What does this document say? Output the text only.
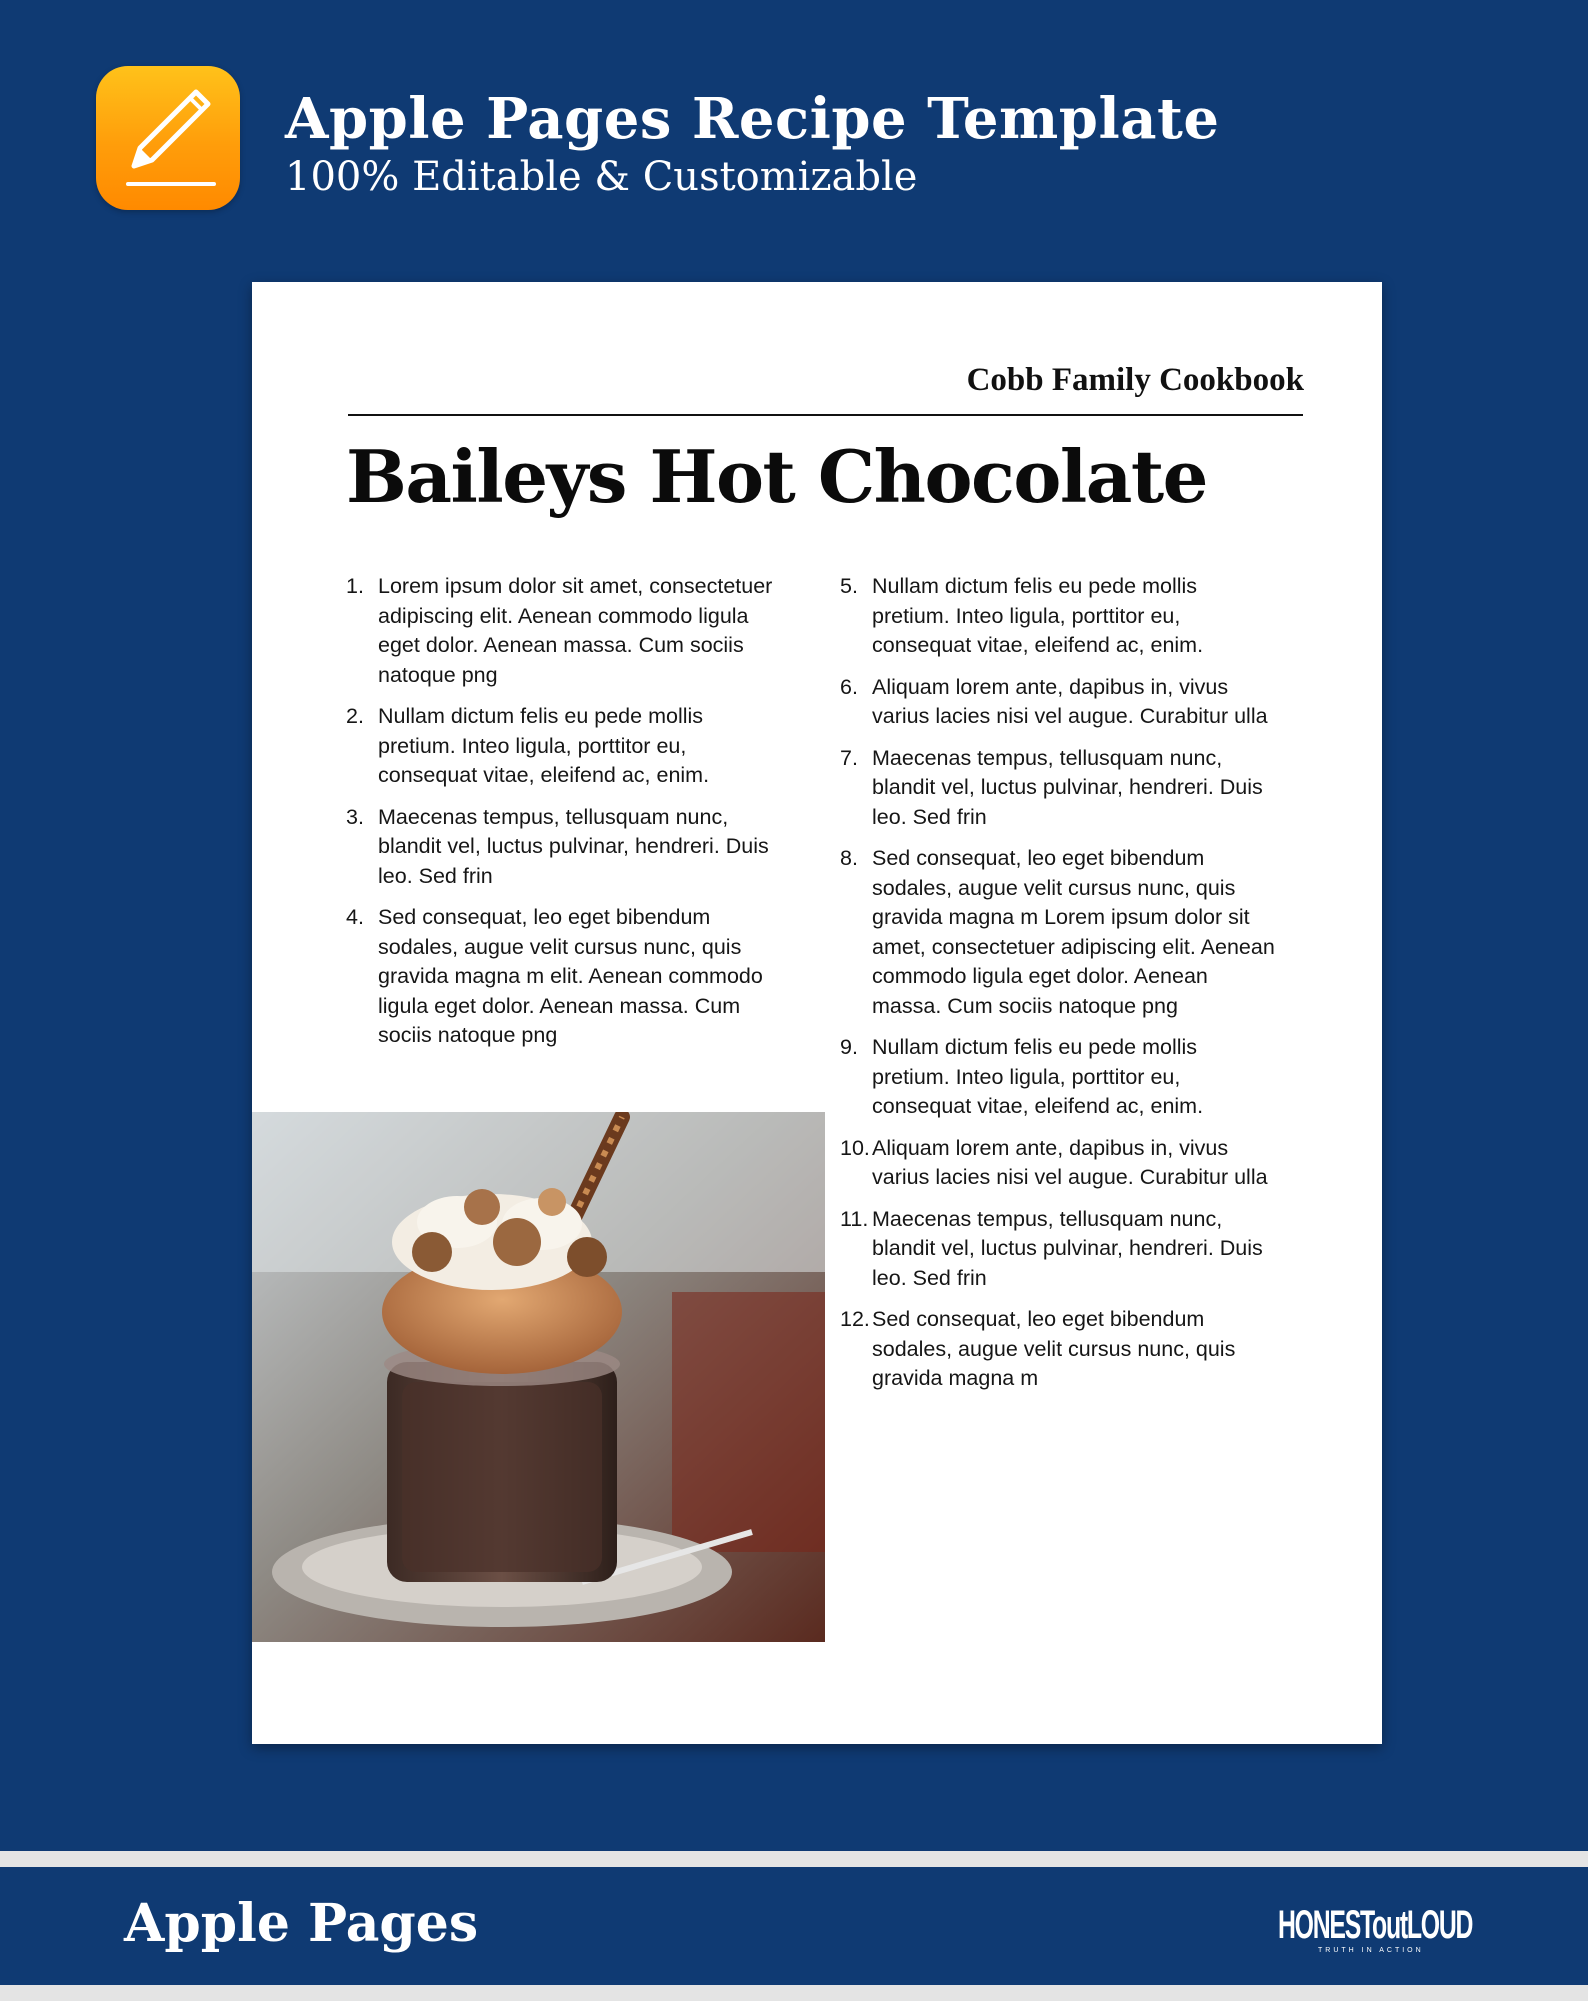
Apple Pages Recipe Template
100% Editable & Customizable
Cobb Family Cookbook
Baileys Hot Chocolate
1. Lorem ipsum dolor sit amet, consectetuer adipiscing elit. Aenean commodo ligula eget dolor. Aenean massa. Cum sociis natoque png
2. Nullam dictum felis eu pede mollis pretium. Inteo ligula, porttitor eu, consequat vitae, eleifend ac, enim.
3. Maecenas tempus, tellusquam nunc, blandit vel, luctus pulvinar, hendreri. Duis leo. Sed frin
4. Sed consequat, leo eget bibendum sodales, augue velit cursus nunc, quis gravida magna m elit. Aenean commodo ligula eget dolor. Aenean massa. Cum sociis natoque png
5. Nullam dictum felis eu pede mollis pretium. Inteo ligula, porttitor eu, consequat vitae, eleifend ac, enim.
6. Aliquam lorem ante, dapibus in, vivus varius lacies nisi vel augue. Curabitur ulla
7. Maecenas tempus, tellusquam nunc, blandit vel, luctus pulvinar, hendreri. Duis leo. Sed frin
8. Sed consequat, leo eget bibendum sodales, augue velit cursus nunc, quis gravida magna m Lorem ipsum dolor sit amet, consectetuer adipiscing elit. Aenean commodo ligula eget dolor. Aenean massa. Cum sociis natoque png
9. Nullam dictum felis eu pede mollis pretium. Inteo ligula, porttitor eu, consequat vitae, eleifend ac, enim.
10. Aliquam lorem ante, dapibus in, vivus varius lacies nisi vel augue. Curabitur ulla
11. Maecenas tempus, tellusquam nunc, blandit vel, luctus pulvinar, hendreri. Duis leo. Sed frin
12. Sed consequat, leo eget bibendum sodales, augue velit cursus nunc, quis gravida magna m
Apple Pages	HONESToutLOUD
TRUTH IN ACTION
